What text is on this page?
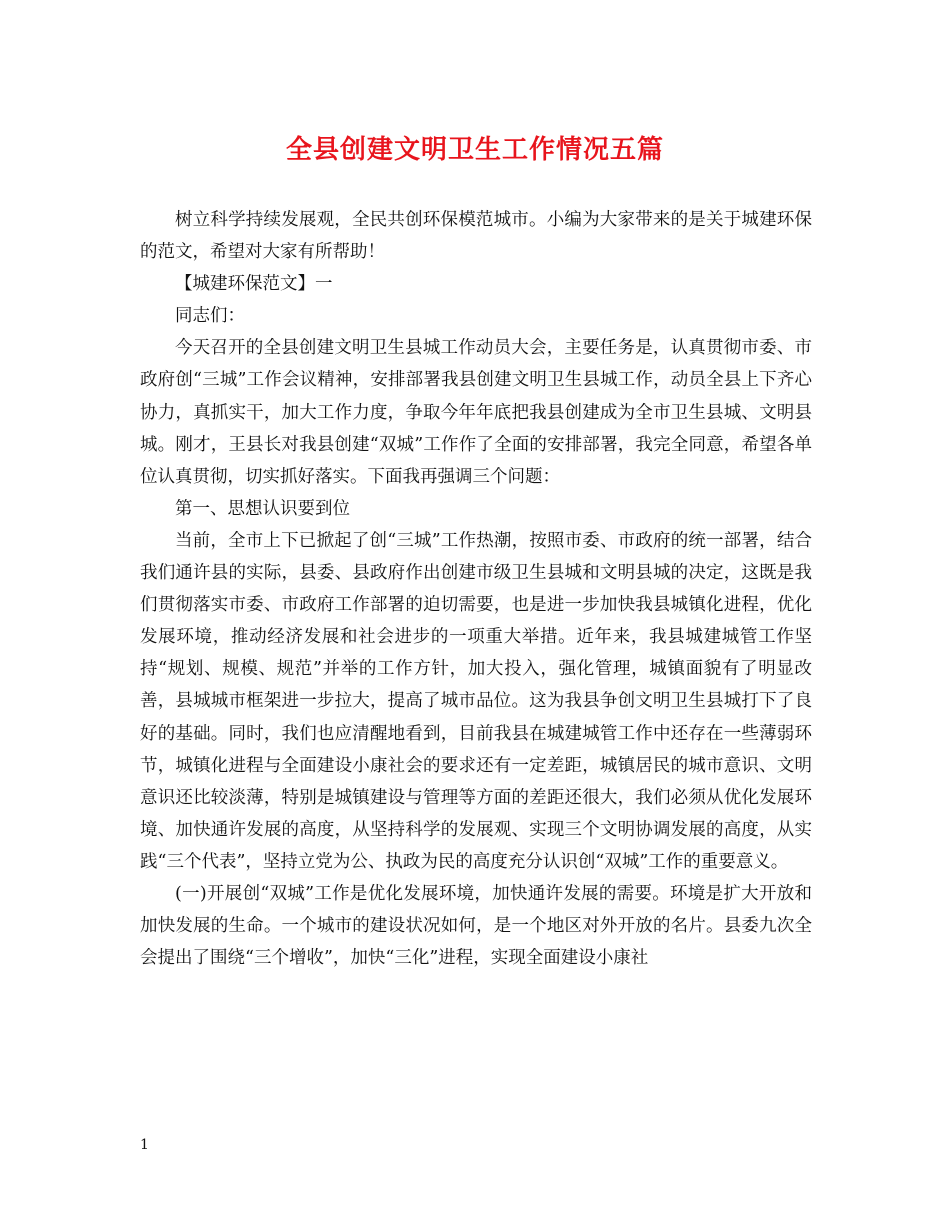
全县创建文明卫生工作情况五篇

树立科学持续发展观，全民共创环保模范城市。小编为大家带来的是关于城建环保的范文，希望对大家有所帮助！

【城建环保范文】一

同志们：

今天召开的全县创建文明卫生县城工作动员大会，主要任务是，认真贯彻市委、市政府创“三城”工作会议精神，安排部署我县创建文明卫生县城工作，动员全县上下齐心协力，真抓实干，加大工作力度，争取今年年底把我县创建成为全市卫生县城、文明县城。刚才，王县长对我县创建“双城”工作作了全面的安排部署，我完全同意，希望各单位认真贯彻，切实抓好落实。下面我再强调三个问题：

第一、思想认识要到位

当前，全市上下已掀起了创“三城”工作热潮，按照市委、市政府的统一部署，结合我们通许县的实际，县委、县政府作出创建市级卫生县城和文明县城的决定，这既是我们贯彻落实市委、市政府工作部署的迫切需要，也是进一步加快我县城镇化进程，优化发展环境，推动经济发展和社会进步的一项重大举措。近年来，我县城建城管工作坚持“规划、规模、规范”并举的工作方针，加大投入，强化管理，城镇面貌有了明显改善，县城城市框架进一步拉大，提高了城市品位。这为我县争创文明卫生县城打下了良好的基础。同时，我们也应清醒地看到，目前我县在城建城管工作中还存在一些薄弱环节，城镇化进程与全面建设小康社会的要求还有一定差距，城镇居民的城市意识、文明意识还比较淡薄，特别是城镇建设与管理等方面的差距还很大，我们必须从优化发展环境、加快通许发展的高度，从坚持科学的发展观、实现三个文明协调发展的高度，从实践“三个代表”，坚持立党为公、执政为民的高度充分认识创“双城”工作的重要意义。

(一)开展创“双城”工作是优化发展环境，加快通许发展的需要。环境是扩大开放和加快发展的生命。一个城市的建设状况如何，是一个地区对外开放的名片。县委九次全会提出了围绕“三个增收”，加快“三化”进程，实现全面建设小康社

1
